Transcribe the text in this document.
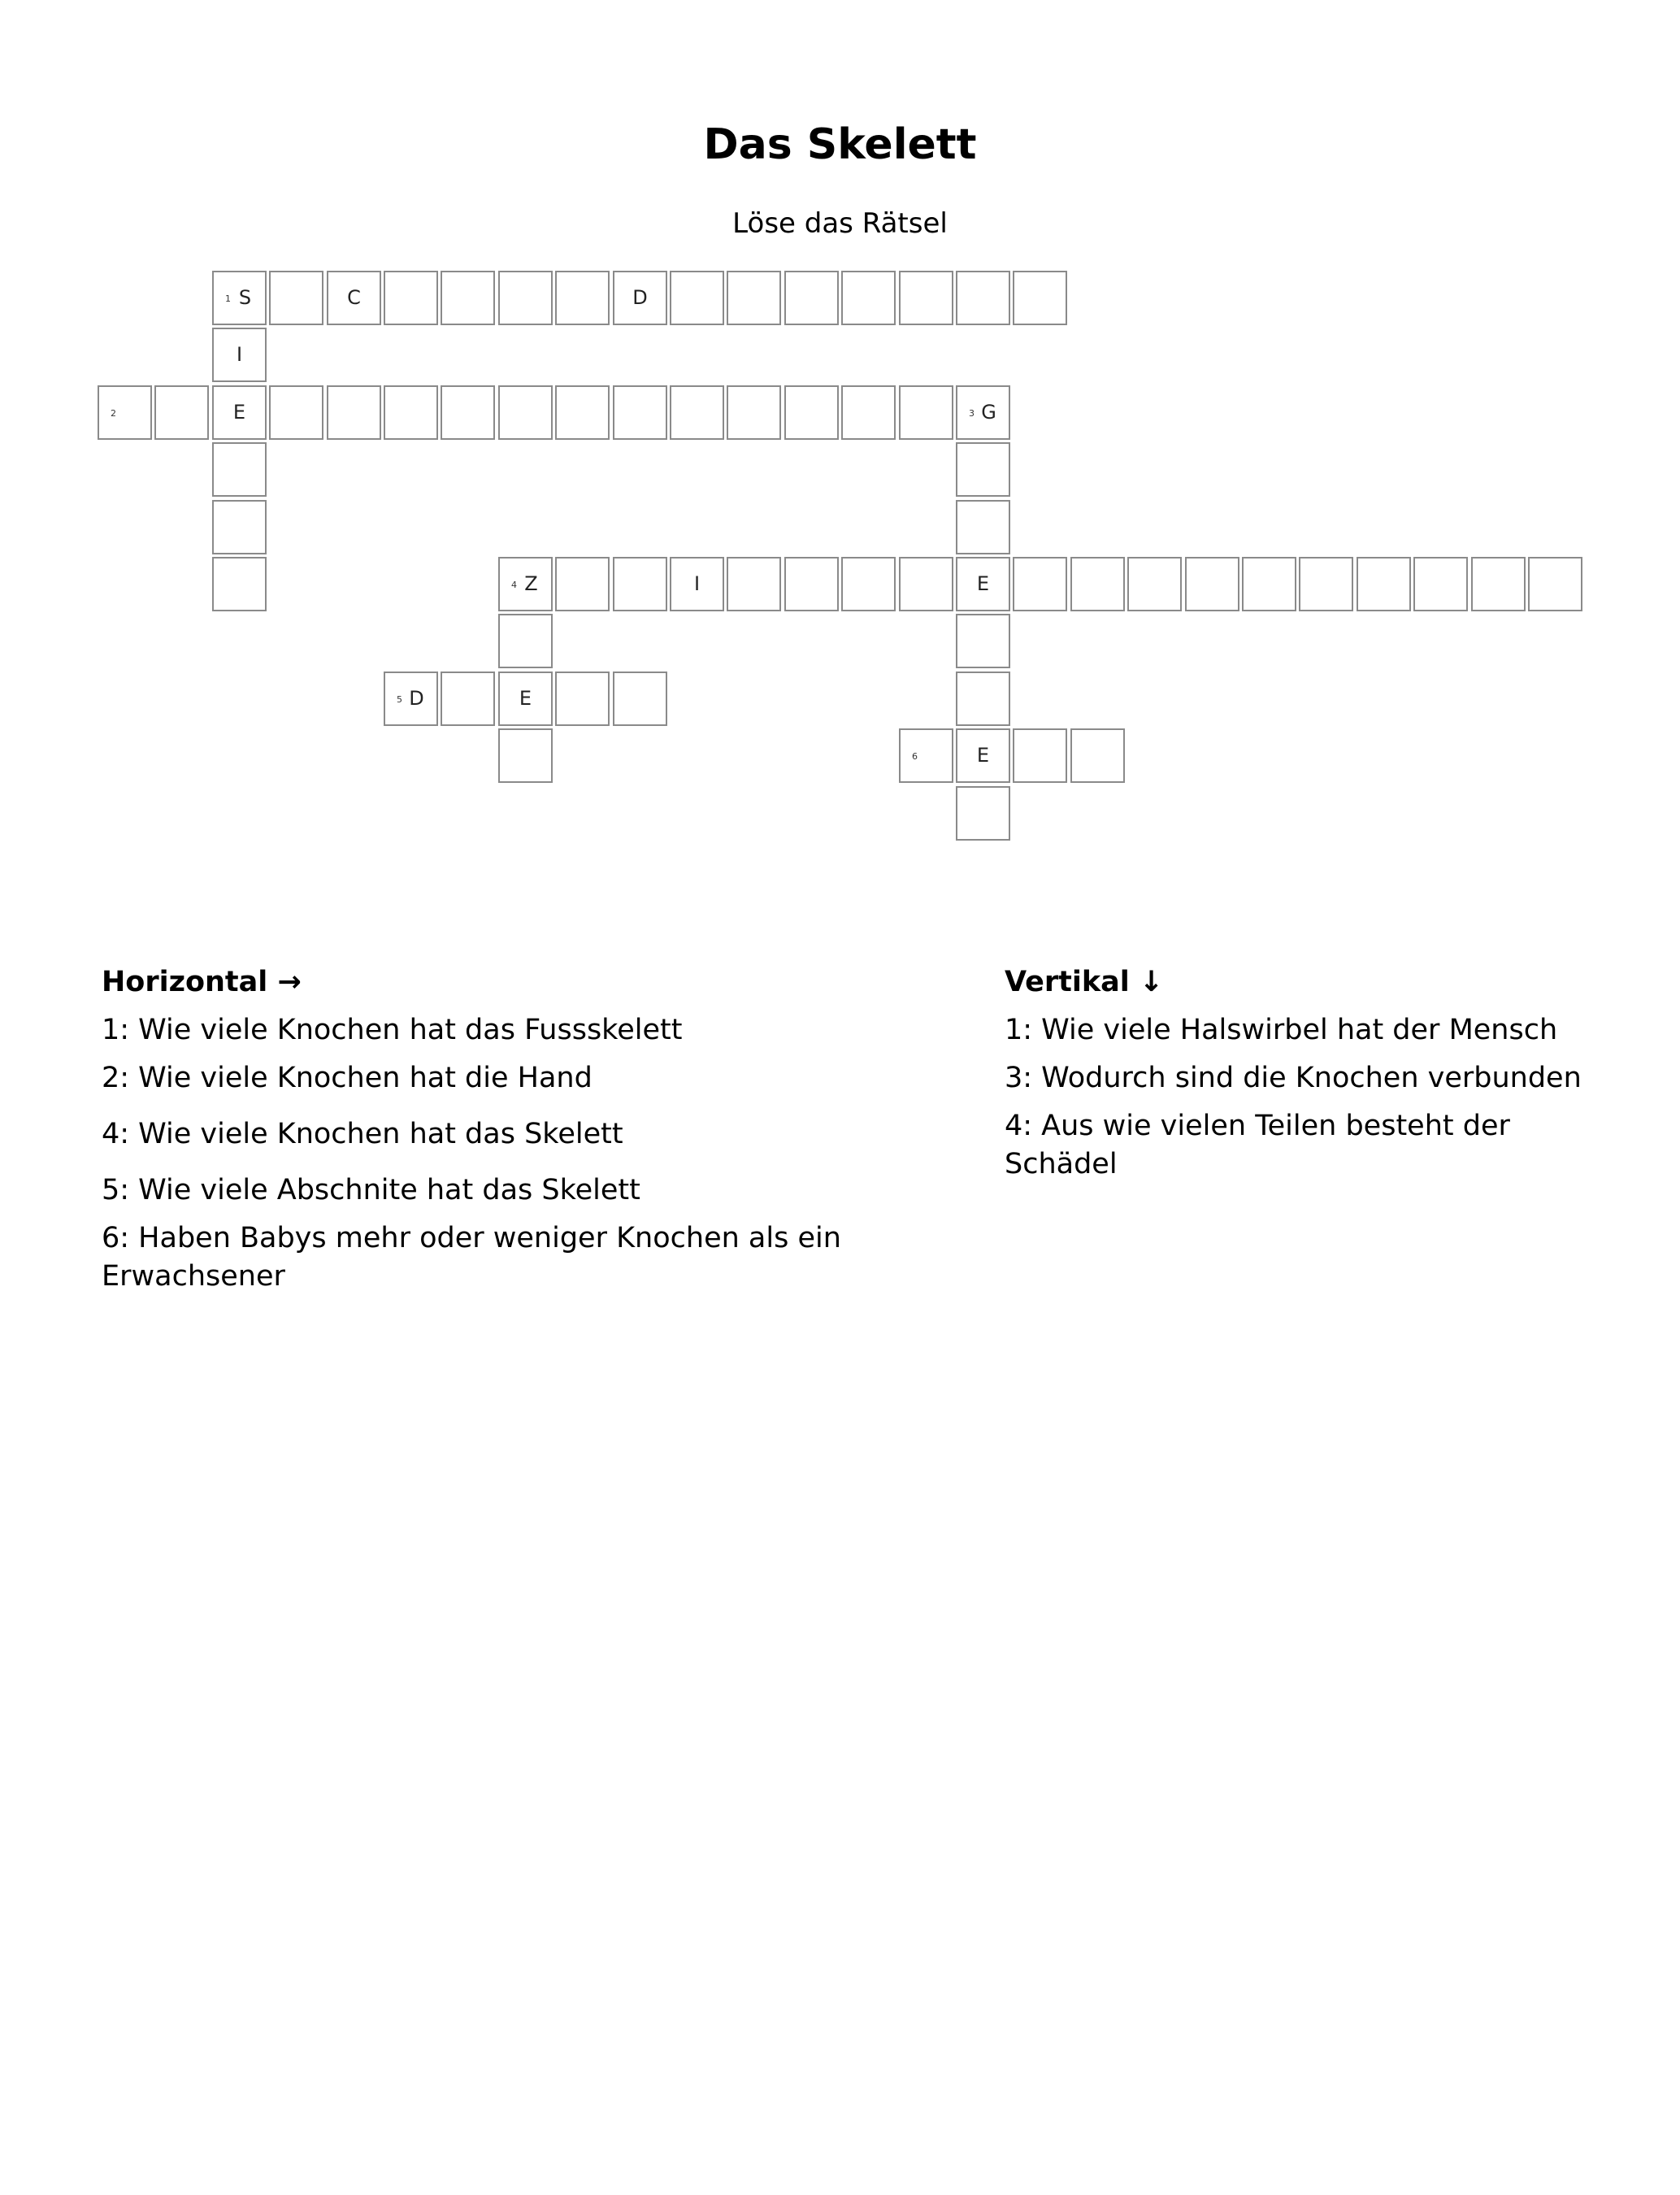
Das Skelett
Löse das Rätsel
1 S	C	D
I
2	E	3 G
4 Z	I	E
5 D	E
6	E
Horizontal →
1: Wie viele Knochen hat das Fussskelett
2: Wie viele Knochen hat die Hand
4: Wie viele Knochen hat das Skelett
5: Wie viele Abschnite hat das Skelett
6: Haben Babys mehr oder weniger Knochen als ein Erwachsener
Vertikal ↓
1: Wie viele Halswirbel hat der Mensch
3: Wodurch sind die Knochen verbunden
4: Aus wie vielen Teilen besteht der Schädel
